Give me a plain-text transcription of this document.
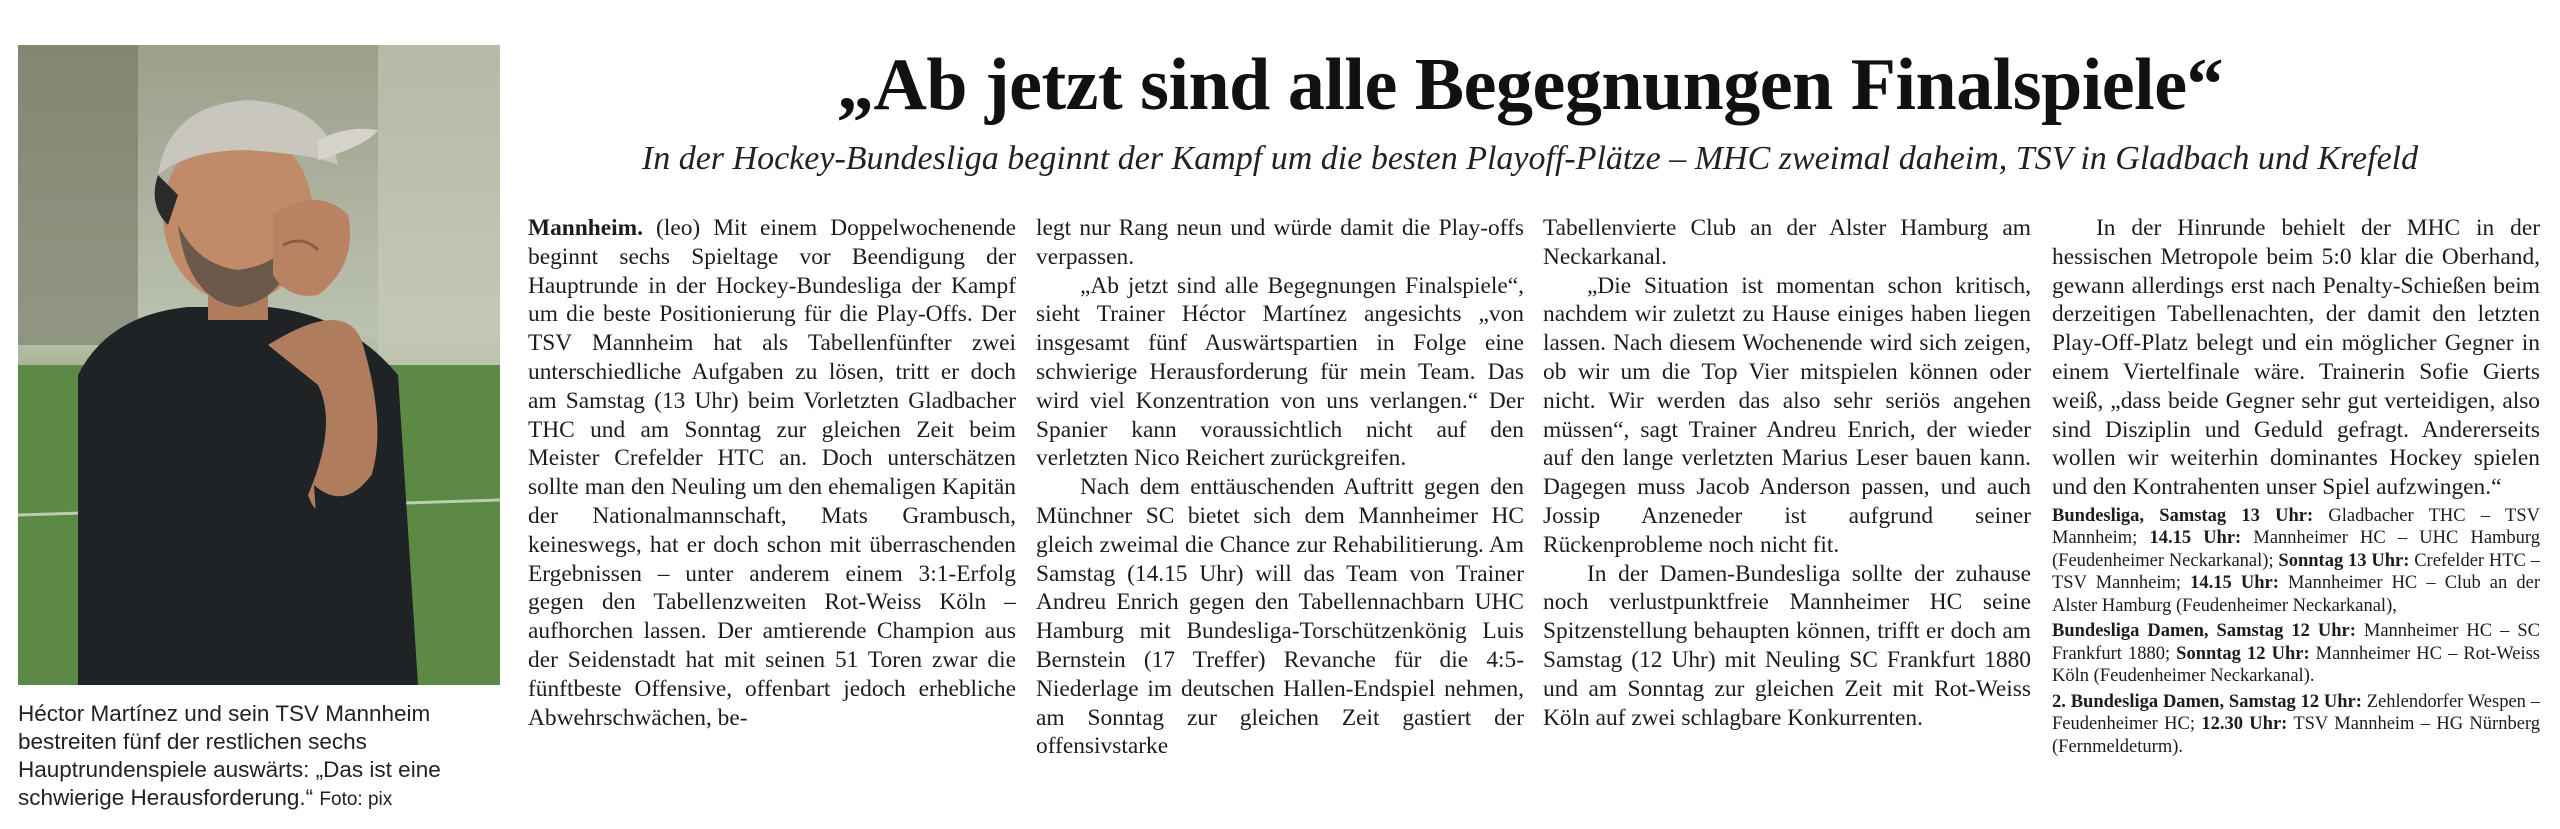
Héctor Martínez und sein TSV Mannheim bestreiten fünf der restlichen sechs Hauptrundenspiele auswärts: „Das ist eine schwierige Herausforderung.“ Foto: pix
„Ab jetzt sind alle Begegnungen Finalspiele“
In der Hockey-Bundesliga beginnt der Kampf um die besten Playoff-Plätze – MHC zweimal daheim, TSV in Gladbach und Krefeld

Mannheim. (leo) Mit einem Doppelwochenende beginnt sechs Spieltage vor Beendigung der Hauptrunde in der Hockey-Bundesliga der Kampf um die beste Positionierung für die Play-Offs. Der TSV Mannheim hat als Tabellenfünfter zwei unterschiedliche Aufgaben zu lösen, tritt er doch am Samstag (13 Uhr) beim Vorletzten Gladbacher THC und am Sonntag zur gleichen Zeit beim Meister Crefelder HTC an. Doch unterschätzen sollte man den Neuling um den ehemaligen Kapitän der Nationalmannschaft, Mats Grambusch, keineswegs, hat er doch schon mit überraschenden Ergebnissen – unter anderem einem 3:1-Erfolg gegen den Tabellenzweiten Rot-Weiss Köln – aufhorchen lassen. Der amtierende Champion aus der Seidenstadt hat mit seinen 51 Toren zwar die fünftbeste Offensive, offenbart jedoch erhebliche Abwehrschwächen, be-

legt nur Rang neun und würde damit die Play-offs verpassen.

„Ab jetzt sind alle Begegnungen Finalspiele“, sieht Trainer Héctor Martínez angesichts „von insgesamt fünf Auswärtspartien in Folge eine schwierige Herausforderung für mein Team. Das wird viel Konzentration von uns verlangen.“ Der Spanier kann voraussichtlich nicht auf den verletzten Nico Reichert zurückgreifen.

Nach dem enttäuschenden Auftritt gegen den Münchner SC bietet sich dem Mannheimer HC gleich zweimal die Chance zur Rehabilitierung. Am Samstag (14.15 Uhr) will das Team von Trainer Andreu Enrich gegen den Tabellennachbarn UHC Hamburg mit Bundesliga-Torschützenkönig Luis Bernstein (17 Treffer) Revanche für die 4:5-Niederlage im deutschen Hallen-Endspiel nehmen, am Sonntag zur gleichen Zeit gastiert der offensivstarke

Tabellenvierte Club an der Alster Hamburg am Neckarkanal.

„Die Situation ist momentan schon kritisch, nachdem wir zuletzt zu Hause einiges haben liegen lassen. Nach diesem Wochenende wird sich zeigen, ob wir um die Top Vier mitspielen können oder nicht. Wir werden das also sehr seriös angehen müssen“, sagt Trainer Andreu Enrich, der wieder auf den lange verletzten Marius Leser bauen kann. Dagegen muss Jacob Anderson passen, und auch Jossip Anzeneder ist aufgrund seiner Rückenprobleme noch nicht fit.

In der Damen-Bundesliga sollte der zuhause noch verlustpunktfreie Mannheimer HC seine Spitzenstellung behaupten können, trifft er doch am Samstag (12 Uhr) mit Neuling SC Frankfurt 1880 und am Sonntag zur gleichen Zeit mit Rot-Weiss Köln auf zwei schlagbare Konkurrenten.

In der Hinrunde behielt der MHC in der hessischen Metropole beim 5:0 klar die Oberhand, gewann allerdings erst nach Penalty-Schießen beim derzeitigen Tabellenachten, der damit den letzten Play-Off-Platz belegt und ein möglicher Gegner in einem Viertelfinale wäre. Trainerin Sofie Gierts weiß, „dass beide Gegner sehr gut verteidigen, also sind Disziplin und Geduld gefragt. Andererseits wollen wir weiterhin dominantes Hockey spielen und den Kontrahenten unser Spiel aufzwingen.“

Bundesliga, Samstag 13 Uhr: Gladbacher THC – TSV Mannheim; 14.15 Uhr: Mannheimer HC – UHC Hamburg (Feudenheimer Neckarkanal); Sonntag 13 Uhr: Crefelder HTC – TSV Mannheim; 14.15 Uhr: Mannheimer HC – Club an der Alster Hamburg (Feudenheimer Neckarkanal),

Bundesliga Damen, Samstag 12 Uhr: Mannheimer HC – SC Frankfurt 1880; Sonntag 12 Uhr: Mannheimer HC – Rot-Weiss Köln (Feudenheimer Neckarkanal).

2. Bundesliga Damen, Samstag 12 Uhr: Zehlendorfer Wespen – Feudenheimer HC; 12.30 Uhr: TSV Mannheim – HG Nürnberg (Fernmeldeturm).
